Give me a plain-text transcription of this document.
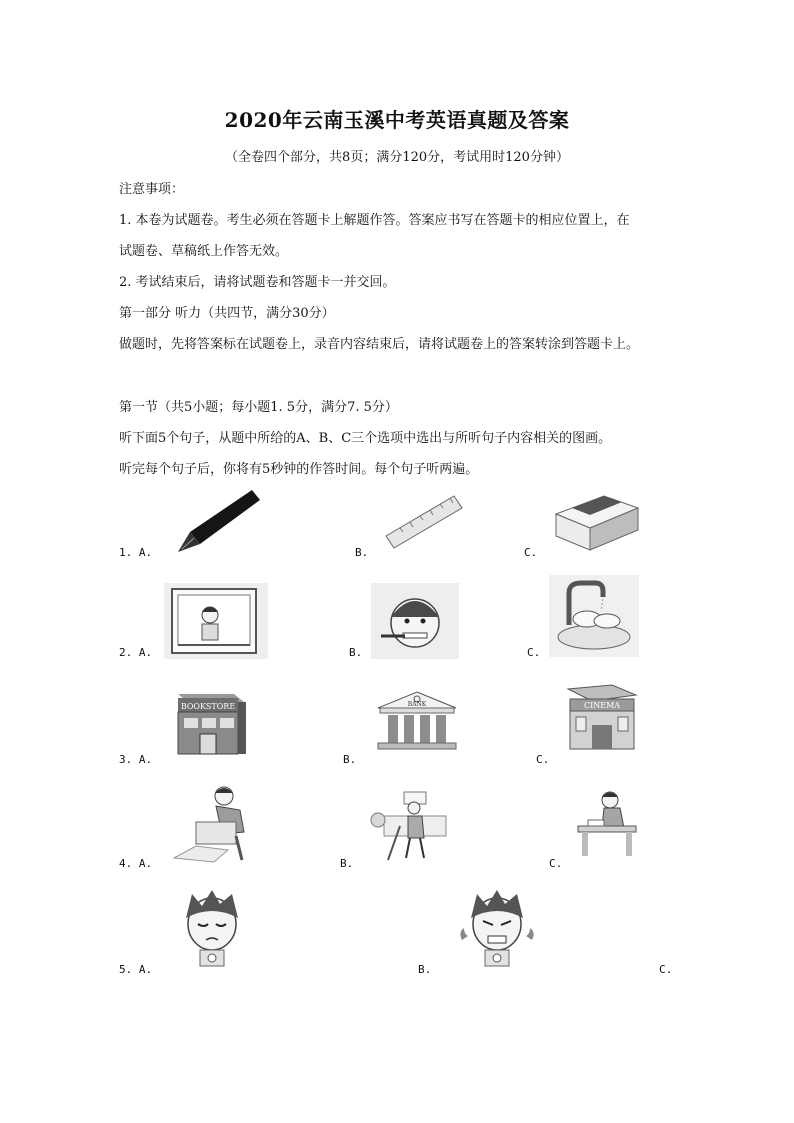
2020年云南玉溪中考英语真题及答案
（全卷四个部分，共8页；满分120分，考试用时120分钟）
注意事项：
1. 本卷为试题卷。考生必须在答题卡上解题作答。答案应书写在答题卡的相应位置上，在
试题卷、草稿纸上作答无效。
2. 考试结束后，请将试题卷和答题卡一并交回。
第一部分 听力（共四节，满分30分）
做题时，先将答案标在试题卷上，录音内容结束后，请将试题卷上的答案转涂到答题卡上。
第一节（共5小题；每小题1. 5分，满分7. 5分）
听下面5个句子，从题中所给的A、B、C三个选项中选出与所听句子内容相关的图画。
听完每个句子后，你将有5秒钟的作答时间。每个句子听两遍。
1. A.	B.	C.
2. A.	B.	C.
3. A.	B.	C.
BOOKSTORE	BANK	CINEMA
4. A.	B.	C.
5. A.	B.	C.
